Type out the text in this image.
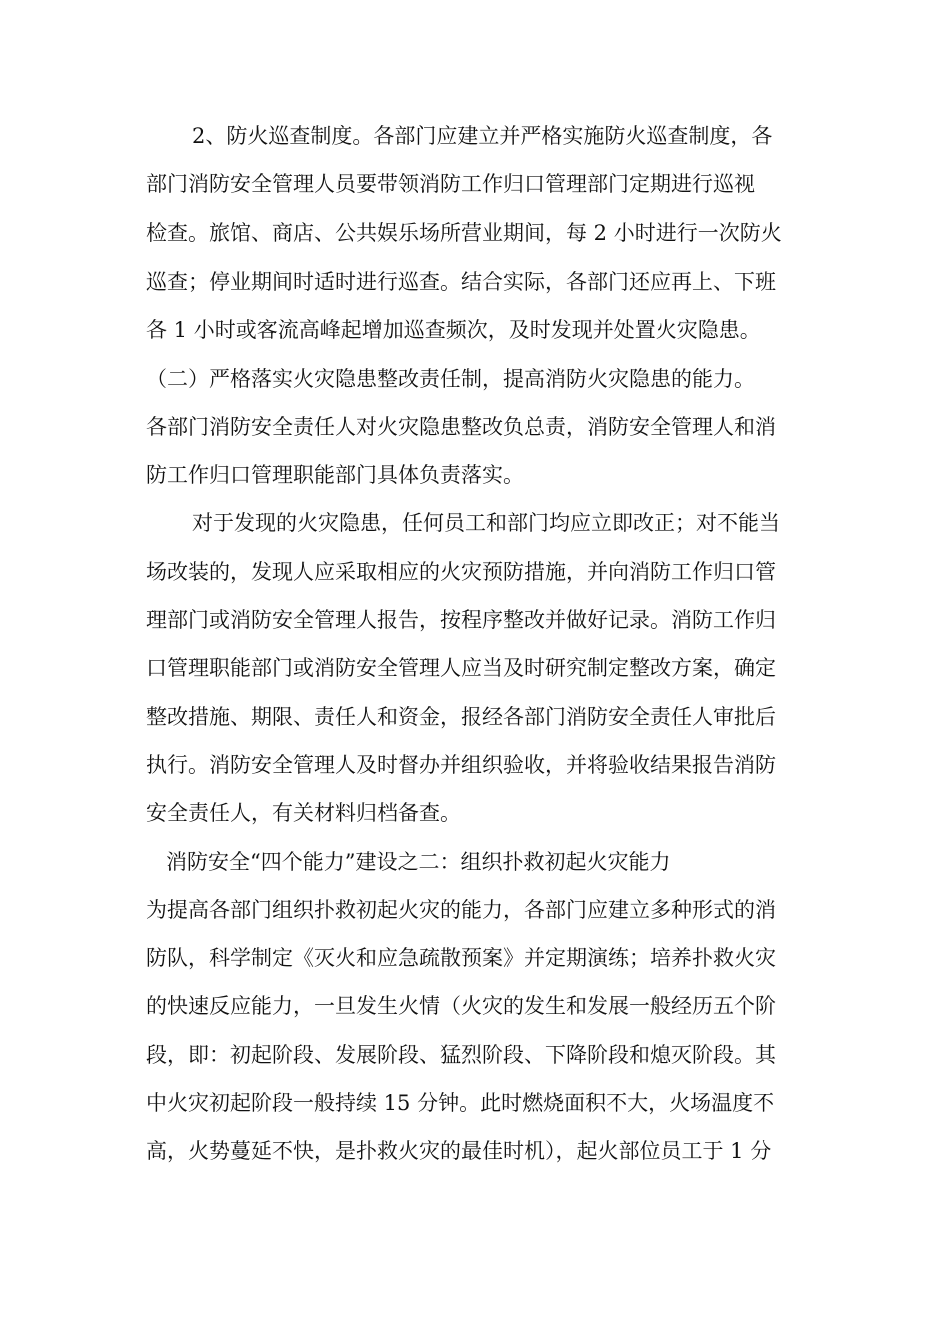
2、防火巡查制度。各部门应建立并严格实施防火巡查制度，各
部门消防安全管理人员要带领消防工作归口管理部门定期进行巡视
检查。旅馆、商店、公共娱乐场所营业期间，每 2 小时进行一次防火
巡查；停业期间时适时进行巡查。结合实际，各部门还应再上、下班
各 1 小时或客流高峰起增加巡查频次，及时发现并处置火灾隐患。
（二）严格落实火灾隐患整改责任制，提高消防火灾隐患的能力。
各部门消防安全责任人对火灾隐患整改负总责，消防安全管理人和消
防工作归口管理职能部门具体负责落实。
对于发现的火灾隐患，任何员工和部门均应立即改正；对不能当
场改装的，发现人应采取相应的火灾预防措施，并向消防工作归口管
理部门或消防安全管理人报告，按程序整改并做好记录。消防工作归
口管理职能部门或消防安全管理人应当及时研究制定整改方案，确定
整改措施、期限、责任人和资金，报经各部门消防安全责任人审批后
执行。消防安全管理人及时督办并组织验收，并将验收结果报告消防
安全责任人，有关材料归档备查。
消防安全“四个能力”建设之二：组织扑救初起火灾能力
为提高各部门组织扑救初起火灾的能力，各部门应建立多种形式的消
防队，科学制定《灭火和应急疏散预案》并定期演练；培养扑救火灾
的快速反应能力，一旦发生火情（火灾的发生和发展一般经历五个阶
段，即：初起阶段、发展阶段、猛烈阶段、下降阶段和熄灭阶段。其
中火灾初起阶段一般持续 15 分钟。此时燃烧面积不大，火场温度不
高，火势蔓延不快，是扑救火灾的最佳时机），起火部位员工于 1 分
